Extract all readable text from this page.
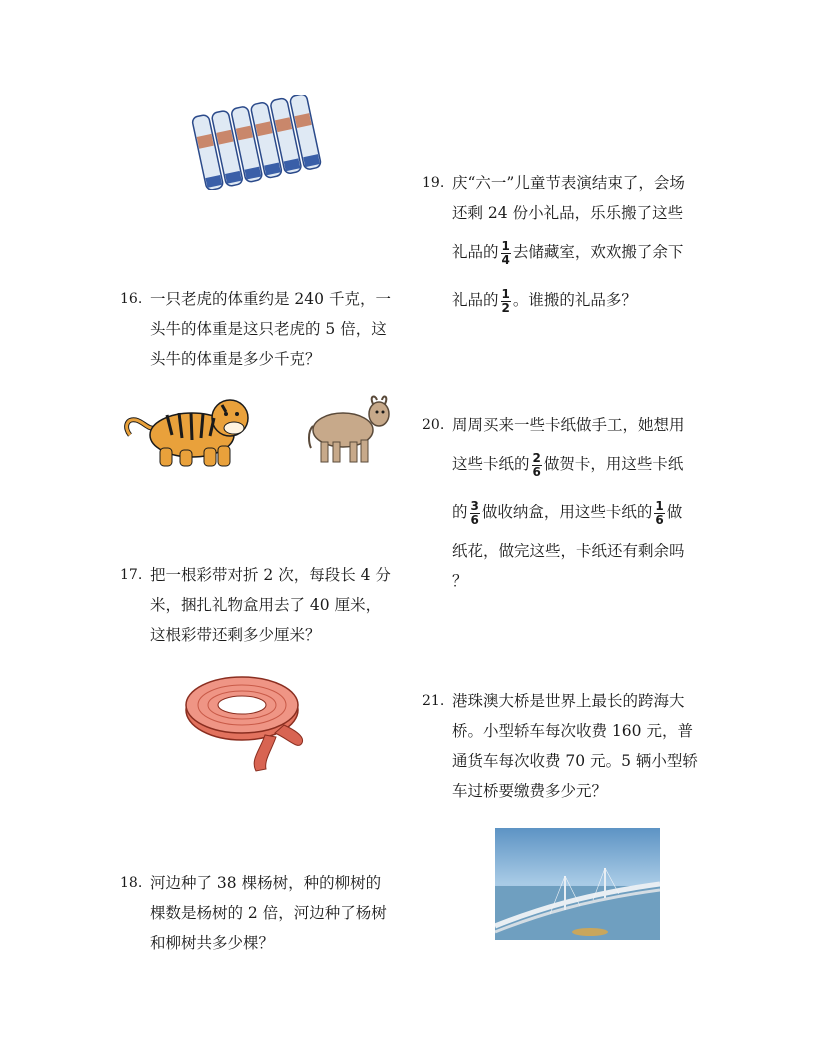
16. 一只老虎的体重约是 240 千克，一
头牛的体重是这只老虎的 5 倍，这
头牛的体重是多少千克？
17. 把一根彩带对折 2 次，每段长 4 分
米，捆扎礼物盒用去了 40 厘米，
这根彩带还剩多少厘米？
18. 河边种了 38 棵杨树，种的柳树的
棵数是杨树的 2 倍，河边种了杨树
和柳树共多少棵？
19. 庆“六一”儿童节表演结束了，会场
还剩 24 份小礼品，乐乐搬了这些
礼品的 $\frac{1}{4}$ 去储藏室，欢欢搬了余下
礼品的 $\frac{1}{2}$ 。谁搬的礼品多？
20. 周周买来一些卡纸做手工，她想用
这些卡纸的 $\frac{2}{6}$ 做贺卡，用这些卡纸
的 $\frac{3}{6}$ 做收纳盒，用这些卡纸的 $\frac{1}{6}$ 做
纸花，做完这些，卡纸还有剩余吗
？
21. 港珠澳大桥是世界上最长的跨海大
桥。小型轿车每次收费 160 元，普
通货车每次收费 70 元。5 辆小型轿
车过桥要缴费多少元？
